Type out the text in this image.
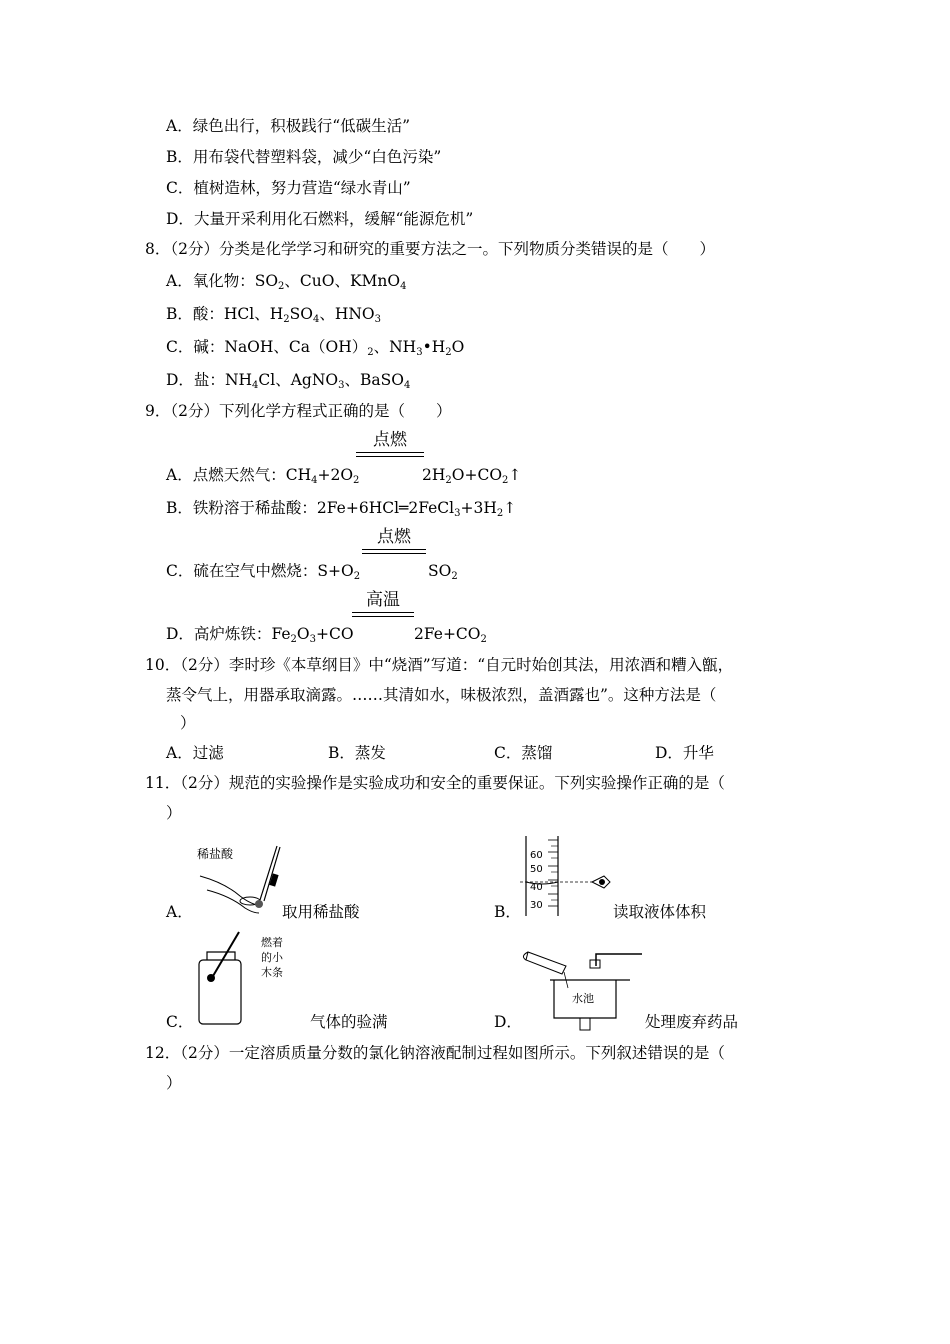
A．绿色出行，积极践行“低碳生活”
B．用布袋代替塑料袋，减少“白色污染”
C．植树造林，努力营造“绿水青山”
D．大量开采利用化石燃料，缓解“能源危机”
8．（2分）分类是化学学习和研究的重要方法之一。下列物质分类错误的是（　　）
A．氧化物：$SO_2$、CuO、KMnO$_4$
B．酸：HCl、$H_2SO_4$、$HNO_3$
C．碱：NaOH、$Ca(OH)_2$、$NH_3•H_2O$
D．盐：$NH_4Cl$、AgNO$_3$、BaSO$_4$
9．（2分）下列化学方程式正确的是（　　）
点燃
A．点燃天然气：$CH_4+2O_2$	$2H_2O+CO_2↑$
B．铁粉溶于稀盐酸：$2Fe+6HCl═2FeCl_3+3H_2↑$
点燃
C．硫在空气中燃烧：$S+O_2$	$SO_2$
高温
D．高炉炼铁：$Fe_2O_3+CO$	$2Fe+CO_2$
10．（2分）李时珍《本草纲目》中“烧酒”写道：“自元时始创其法，用浓酒和糟入甑，
蒸令气上，用器承取滴露。……其清如水，味极浓烈，盖酒露也”。这种方法是（
）
A．过滤	B．蒸发	C．蒸馏	D．升华
11．（2分）规范的实验操作是实验成功和安全的重要保证。下列实验操作正确的是（
）
稀盐酸
A．	取用稀盐酸
60
50
40
30
B．	读取液体体积
燃着
的小
木条
C．	气体的验满
水池
D．	处理废弃药品
12．（2分）一定溶质质量分数的氯化钠溶液配制过程如图所示。下列叙述错误的是（
）
